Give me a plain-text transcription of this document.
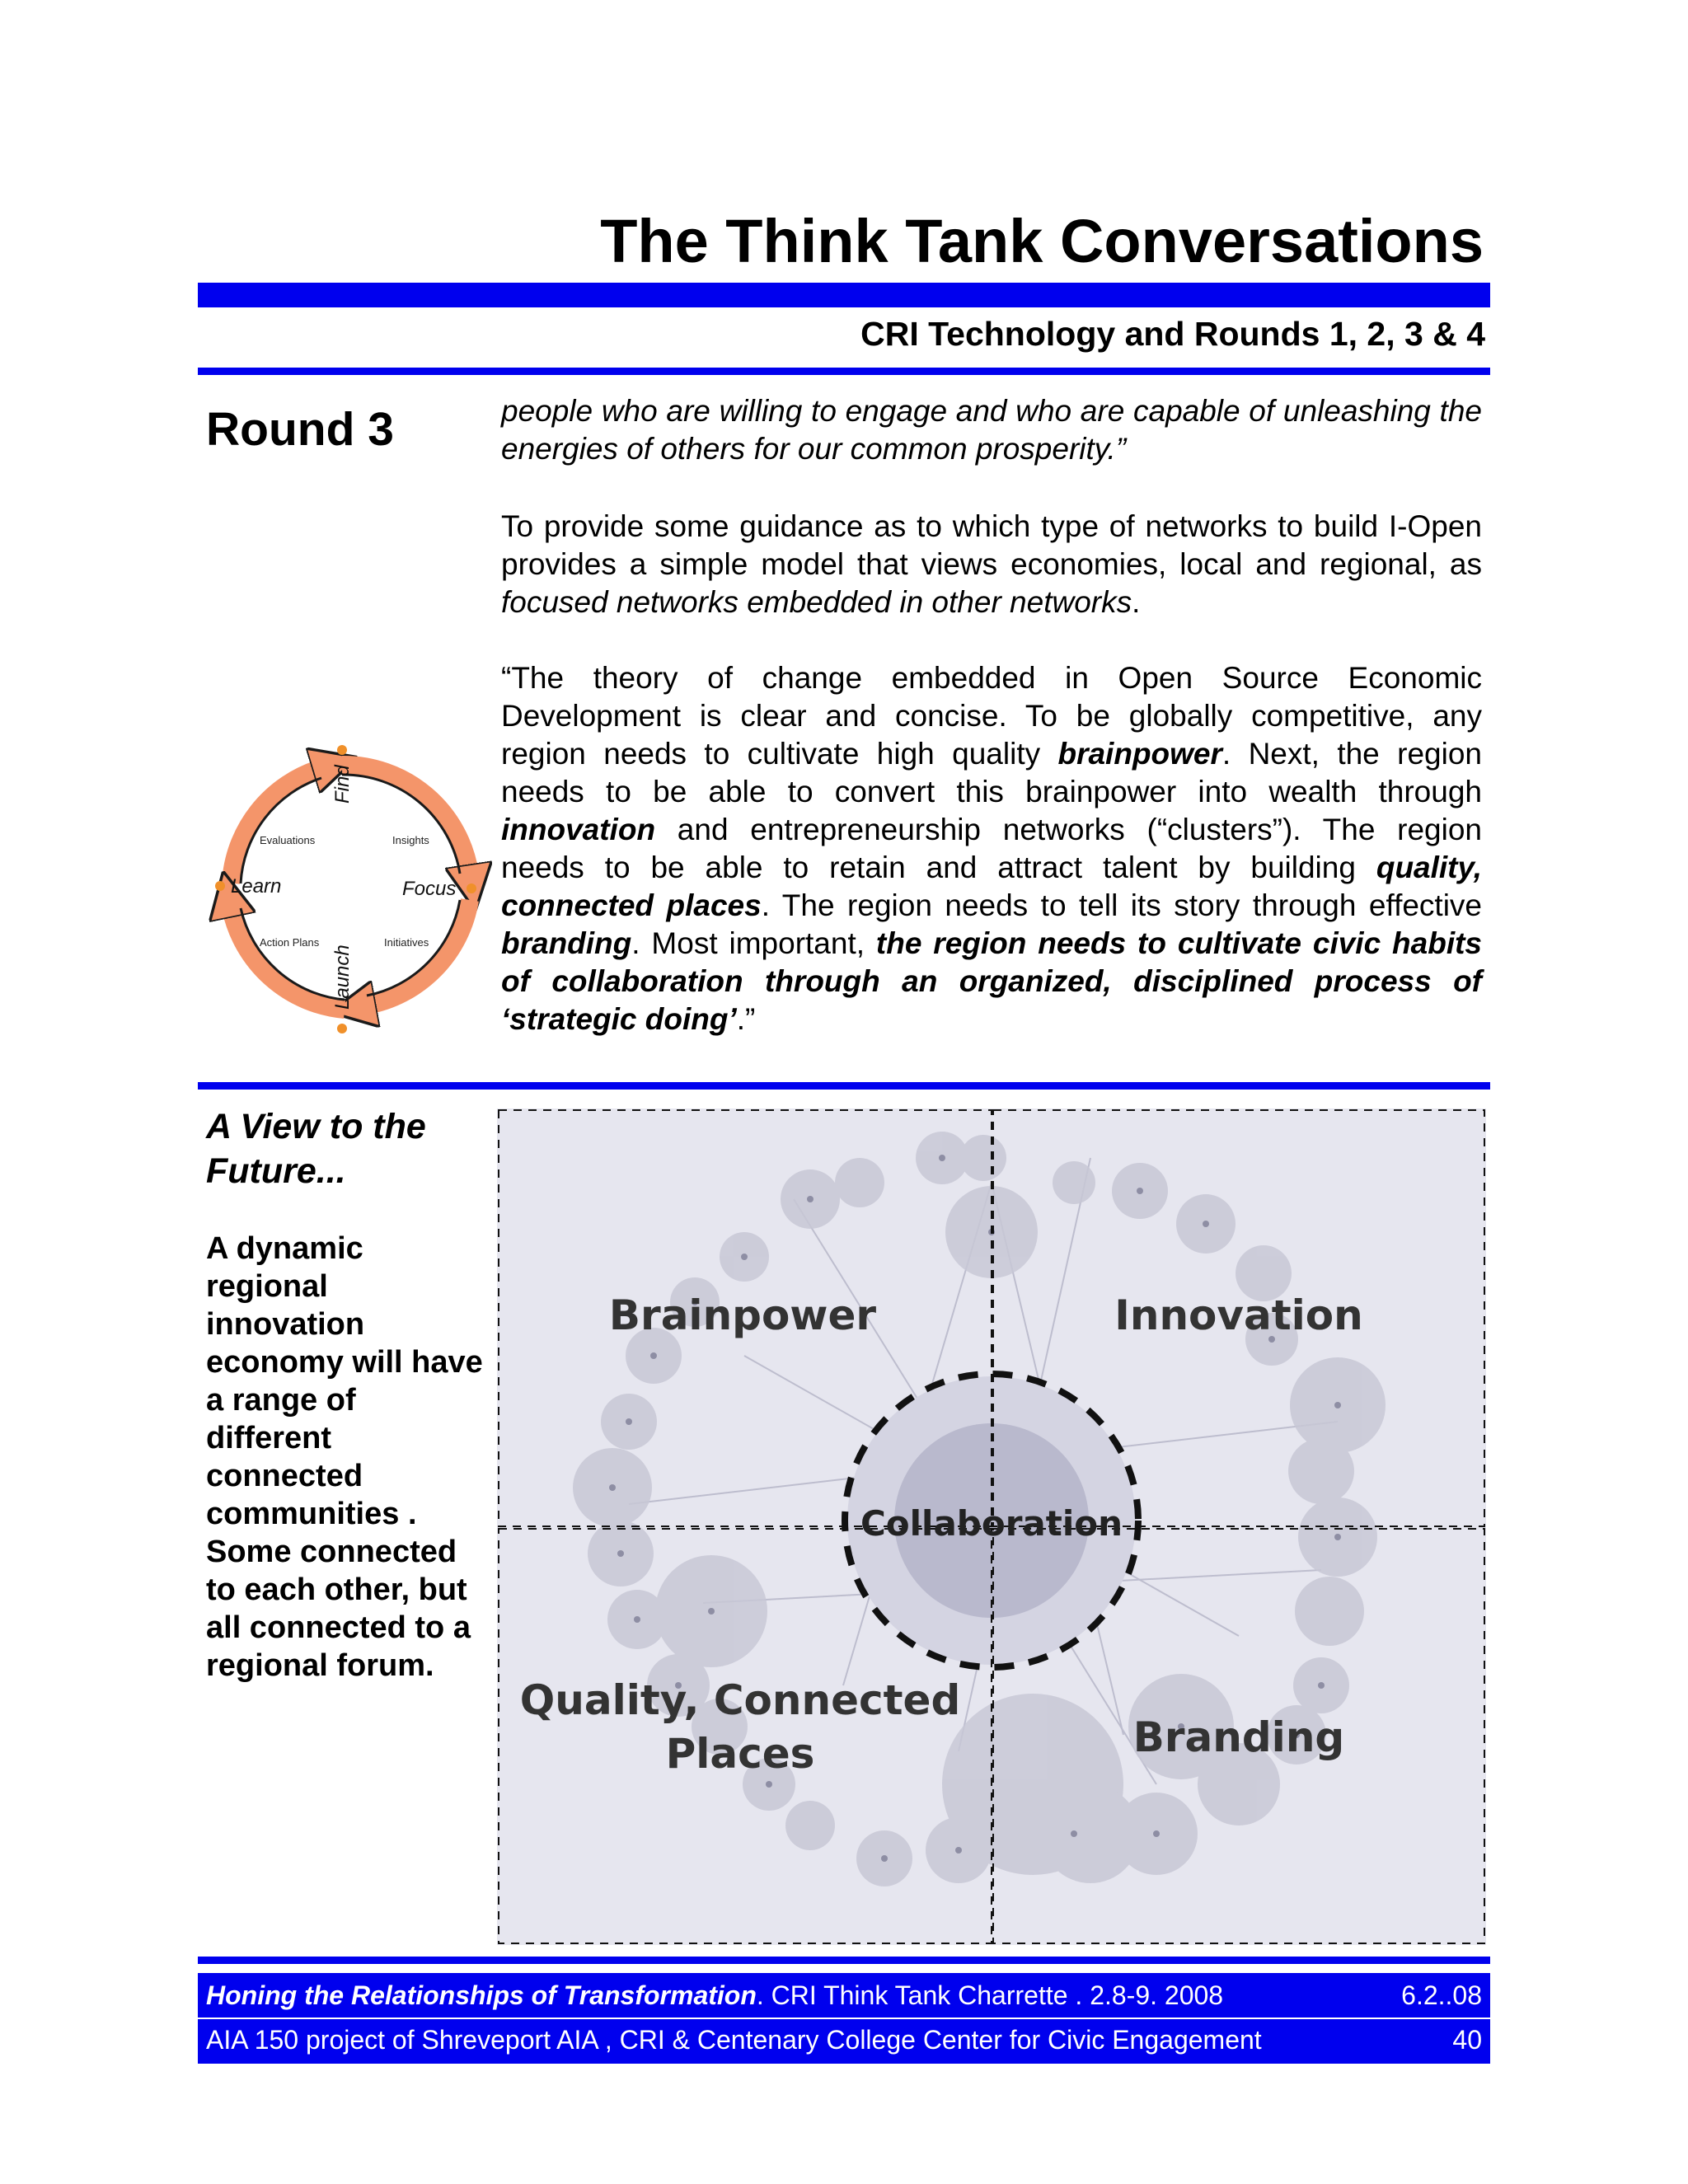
The Think Tank Conversations
CRI Technology and Rounds 1, 2, 3 & 4
Round 3	people who are willing to engage and who are capable of unleashing the energies of others for our common prosperity.”

To provide some guidance as to which type of networks to build I-Open provides a simple model that views economies, local and regional, as focused networks embedded in other networks.

“The theory of change embedded in Open Source Economic Development is clear and concise. To be globally competitive, any region needs to cultivate high quality brainpower. Next, the region needs to be able to convert this brainpower into wealth through innovation and entrepreneurship networks (“clusters”). The region needs to be able to retain and attract talent by building quality, connected places. The region needs to tell its story through effective branding. Most important, the region needs to cultivate civic habits of collaboration through an organized, disciplined process of ‘strategic doing’.”

Find
Focus
Launch
Learn
Insights
Initiatives
Action Plans
Evaluations
A View to the Future...
A dynamic regional innovation economy will have a range of different connected communities . Some connected to each other, but all connected to a regional forum.
Brainpower	Innovation
Collaboration
Quality, Connected
Places	Branding
Honing the Relationships of Transformation. CRI Think Tank Charrette . 2.8-9. 2008	6.2..08
AIA 150 project of Shreveport AIA , CRI & Centenary College Center for Civic Engagement	40
